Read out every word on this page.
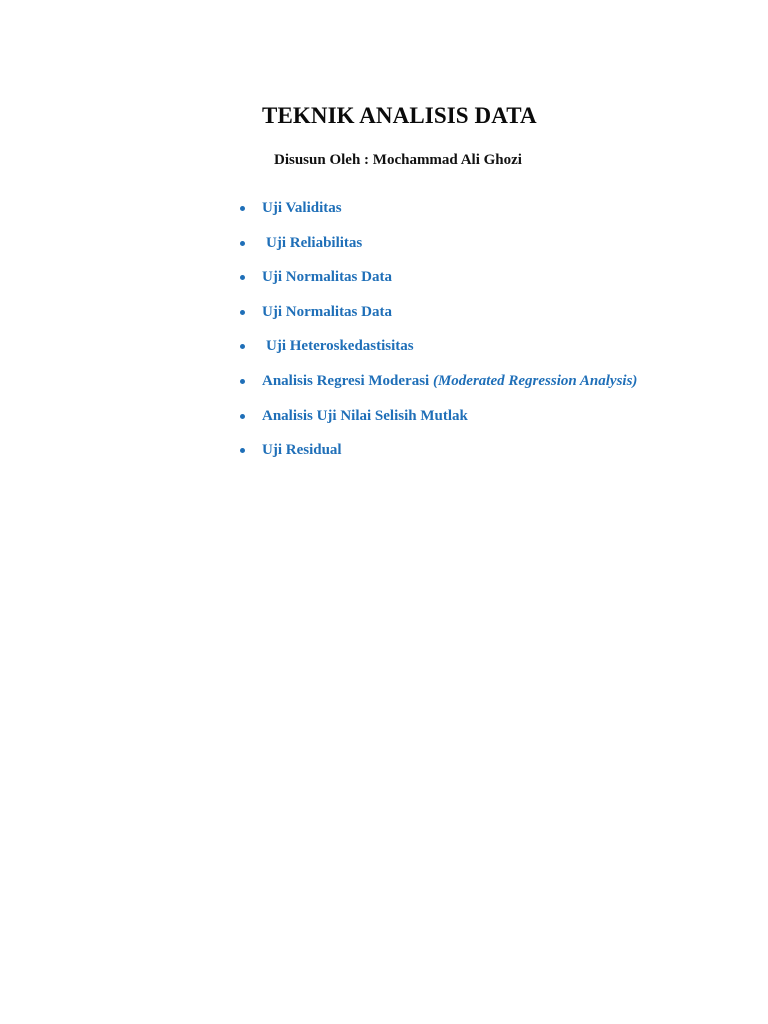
TEKNIK ANALISIS DATA

Disusun Oleh : Mochammad Ali Ghozi

Uji Validitas
Uji Reliabilitas
Uji Normalitas Data
Uji Normalitas Data
Uji Heteroskedastisitas
Analisis Regresi Moderasi (Moderated Regression Analysis)
Analisis Uji Nilai Selisih Mutlak
Uji Residual
